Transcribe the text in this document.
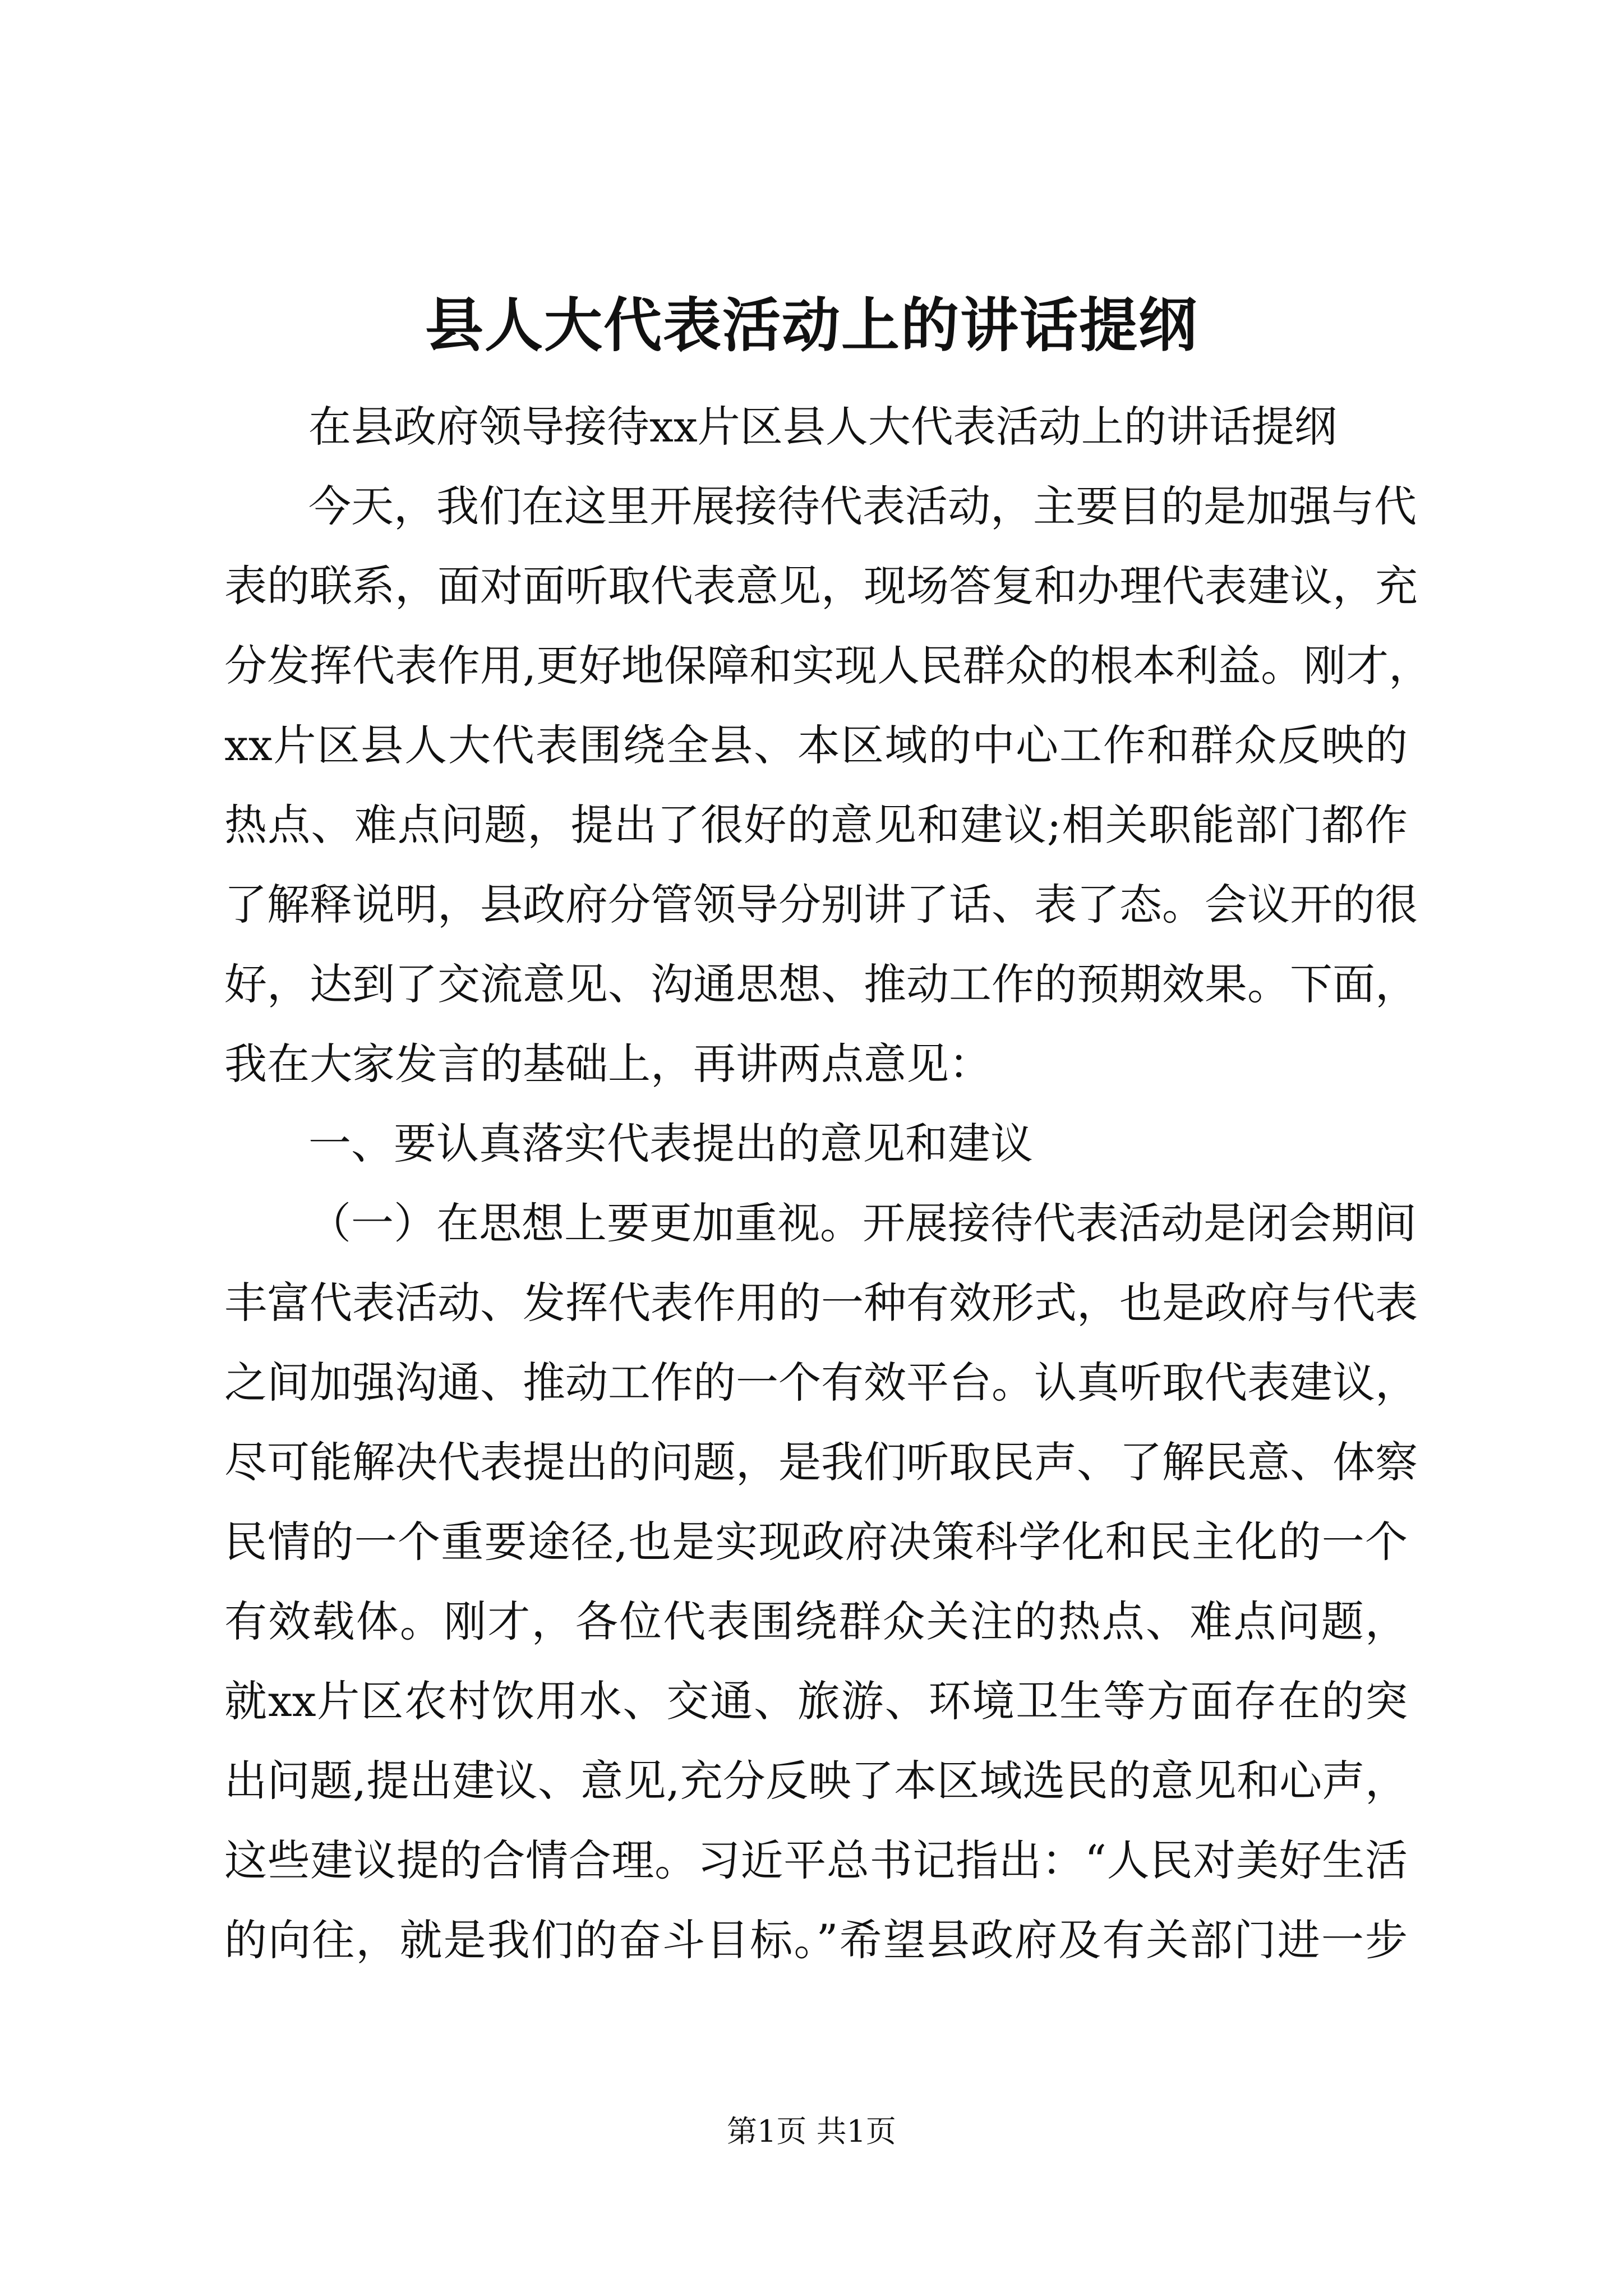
县人大代表活动上的讲话提纲
在县政府领导接待xx片区县人大代表活动上的讲话提纲
今天，我们在这里开展接待代表活动，主要目的是加强与代
表的联系，面对面听取代表意见，现场答复和办理代表建议，充
分发挥代表作用,更好地保障和实现人民群众的根本利益。刚才，
xx片区县人大代表围绕全县、本区域的中心工作和群众反映的
热点、难点问题，提出了很好的意见和建议;相关职能部门都作
了解释说明，县政府分管领导分别讲了话、表了态。会议开的很
好，达到了交流意见、沟通思想、推动工作的预期效果。下面，
我在大家发言的基础上，再讲两点意见：
一、要认真落实代表提出的意见和建议
（一）在思想上要更加重视。开展接待代表活动是闭会期间
丰富代表活动、发挥代表作用的一种有效形式，也是政府与代表
之间加强沟通、推动工作的一个有效平台。认真听取代表建议，
尽可能解决代表提出的问题，是我们听取民声、了解民意、体察
民情的一个重要途径,也是实现政府决策科学化和民主化的一个
有效载体。刚才，各位代表围绕群众关注的热点、难点问题，
就xx片区农村饮用水、交通、旅游、环境卫生等方面存在的突
出问题,提出建议、意见,充分反映了本区域选民的意见和心声，
这些建议提的合情合理。习近平总书记指出：“人民对美好生活
的向往，就是我们的奋斗目标。”希望县政府及有关部门进一步
第1页 共1页
